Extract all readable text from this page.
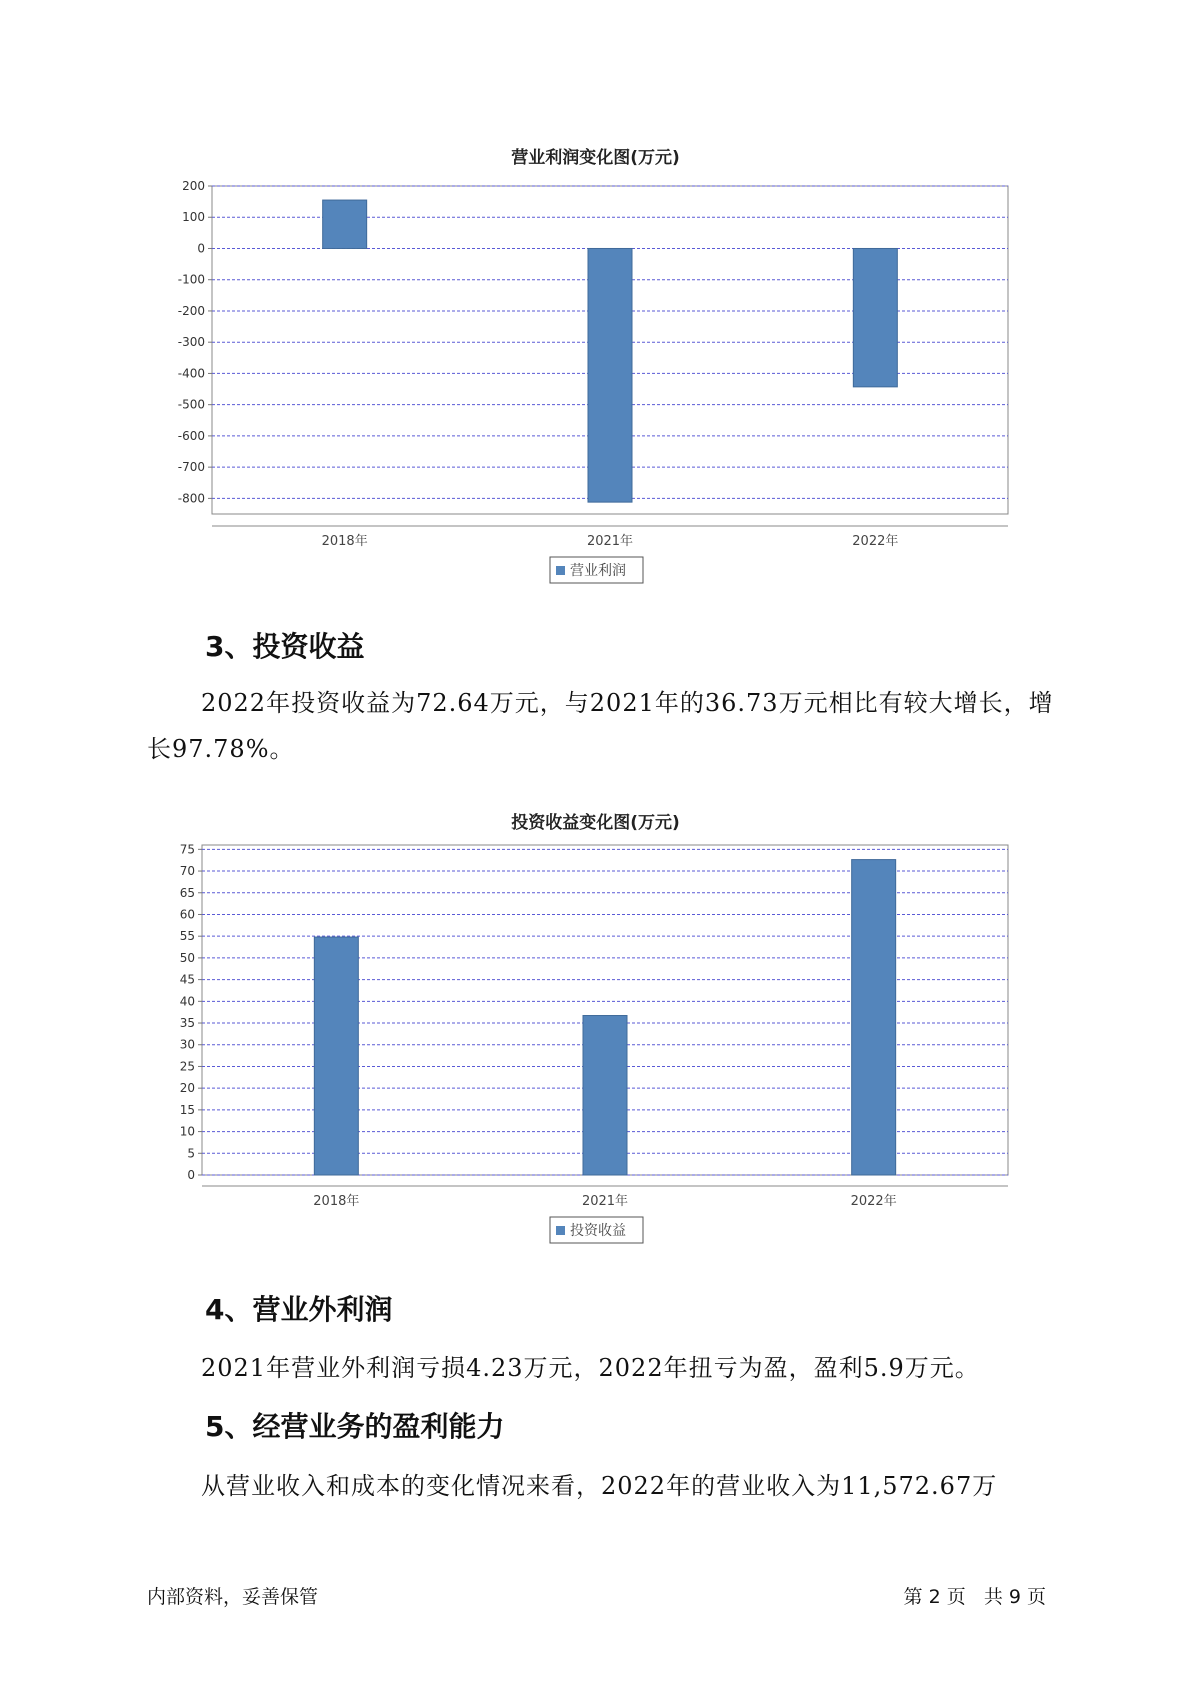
营业利润变化图(万元)
200
100
0
-100
-200
-300
-400
-500
-600
-700
-800
2018年	2021年	2022年
营业利润
3、投资收益
2022年投资收益为72.64万元，与2021年的36.73万元相比有较大增长，增长97.78%。
投资收益变化图(万元)
75
70
65
60
55
50
45
40
35
30
25
20
15
10
5
0
2018年	2021年	2022年
投资收益
4、营业外利润
2021年营业外利润亏损4.23万元，2022年扭亏为盈，盈利5.9万元。
5、经营业务的盈利能力
从营业收入和成本的变化情况来看，2022年的营业收入为11,572.67万
内部资料，妥善保管	第 2 页   共 9 页
